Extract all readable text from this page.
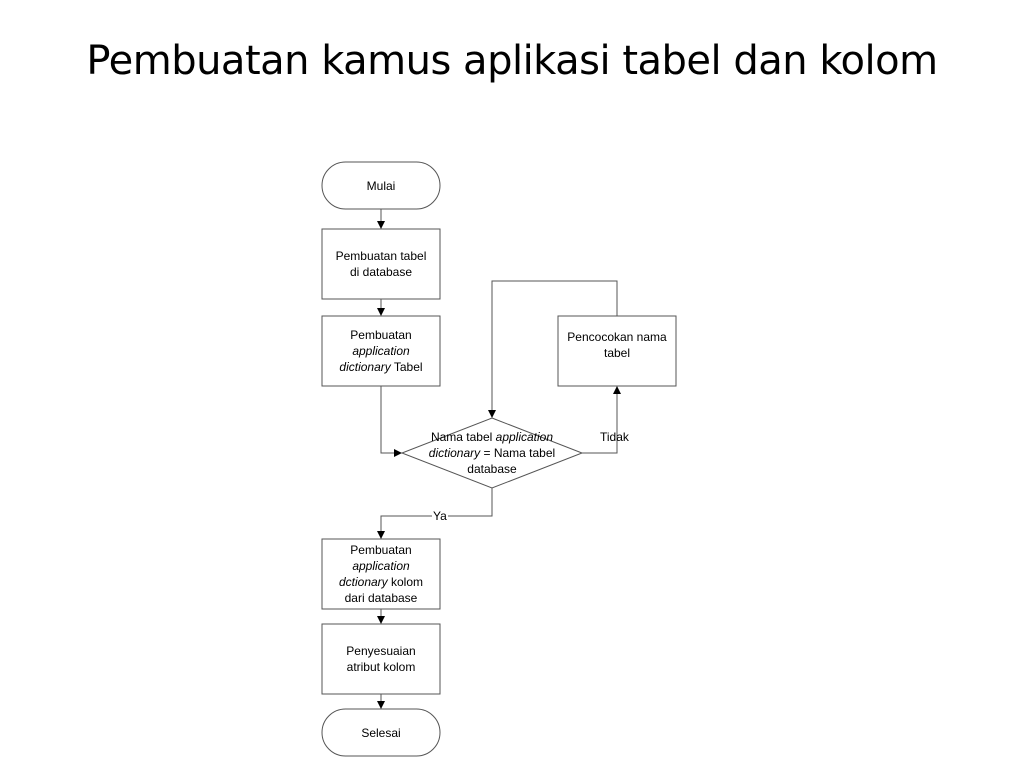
Pembuatan kamus aplikasi tabel dan kolom
Mulai
Pembuatan tabel
di database
Pembuatan
application
dictionary Tabel
Pencocokan nama
tabel
Nama tabel application
dictionary = Nama tabel
database
Pembuatan
application
dctionary kolom
dari database
Penyesuaian
atribut kolom
Selesai
Tidak
Ya
